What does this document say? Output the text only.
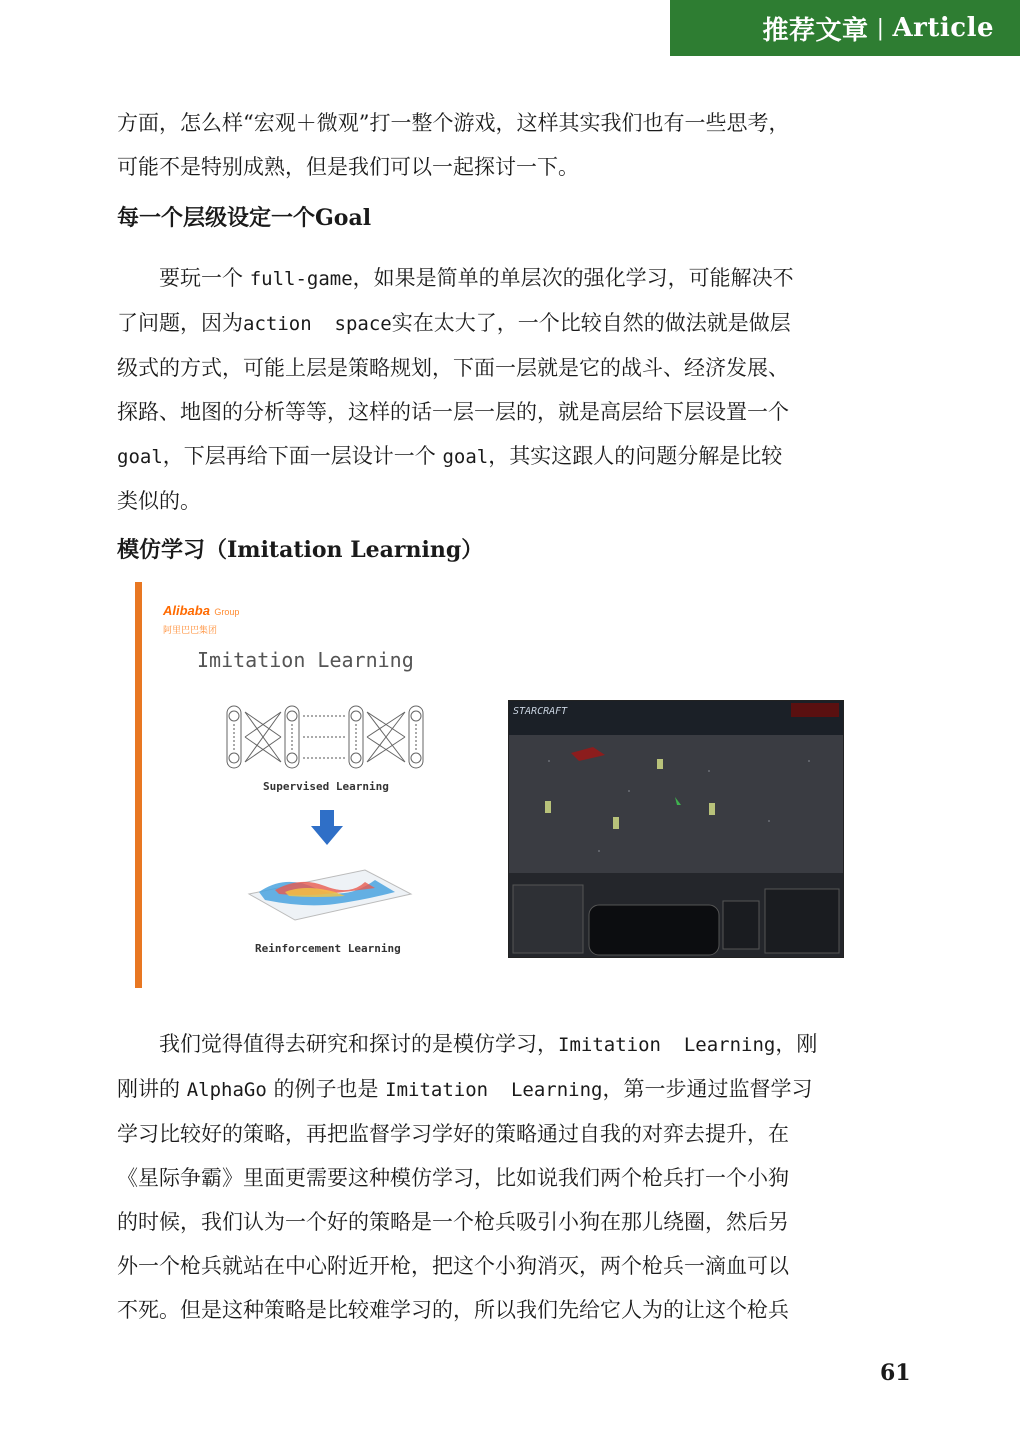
推荐文章 | Article

方面，怎么样“宏观＋微观”打一整个游戏，这样其实我们也有一些思考，

可能不是特别成熟，但是我们可以一起探讨一下。

每一个层级设定一个Goal

要玩一个 full-game，如果是简单的单层次的强化学习，可能解决不

了问题，因为action  space实在太大了，一个比较自然的做法就是做层

级式的方式，可能上层是策略规划，下面一层就是它的战斗、经济发展、

探路、地图的分析等等，这样的话一层一层的，就是高层给下层设置一个

goal，下层再给下面一层设计一个 goal，其实这跟人的问题分解是比较

类似的。

模仿学习（Imitation Learning）

Alibaba Group
阿里巴巴集团
Imitation Learning
Supervised Learning
Reinforcement Learning
STARCRAFT

我们觉得值得去研究和探讨的是模仿学习，Imitation  Learning，刚

刚讲的 AlphaGo 的例子也是 Imitation  Learning，第一步通过监督学习

学习比较好的策略，再把监督学习学好的策略通过自我的对弈去提升，在

《星际争霸》里面更需要这种模仿学习，比如说我们两个枪兵打一个小狗

的时候，我们认为一个好的策略是一个枪兵吸引小狗在那儿绕圈，然后另

外一个枪兵就站在中心附近开枪，把这个小狗消灭，两个枪兵一滴血可以

不死。但是这种策略是比较难学习的，所以我们先给它人为的让这个枪兵

61
